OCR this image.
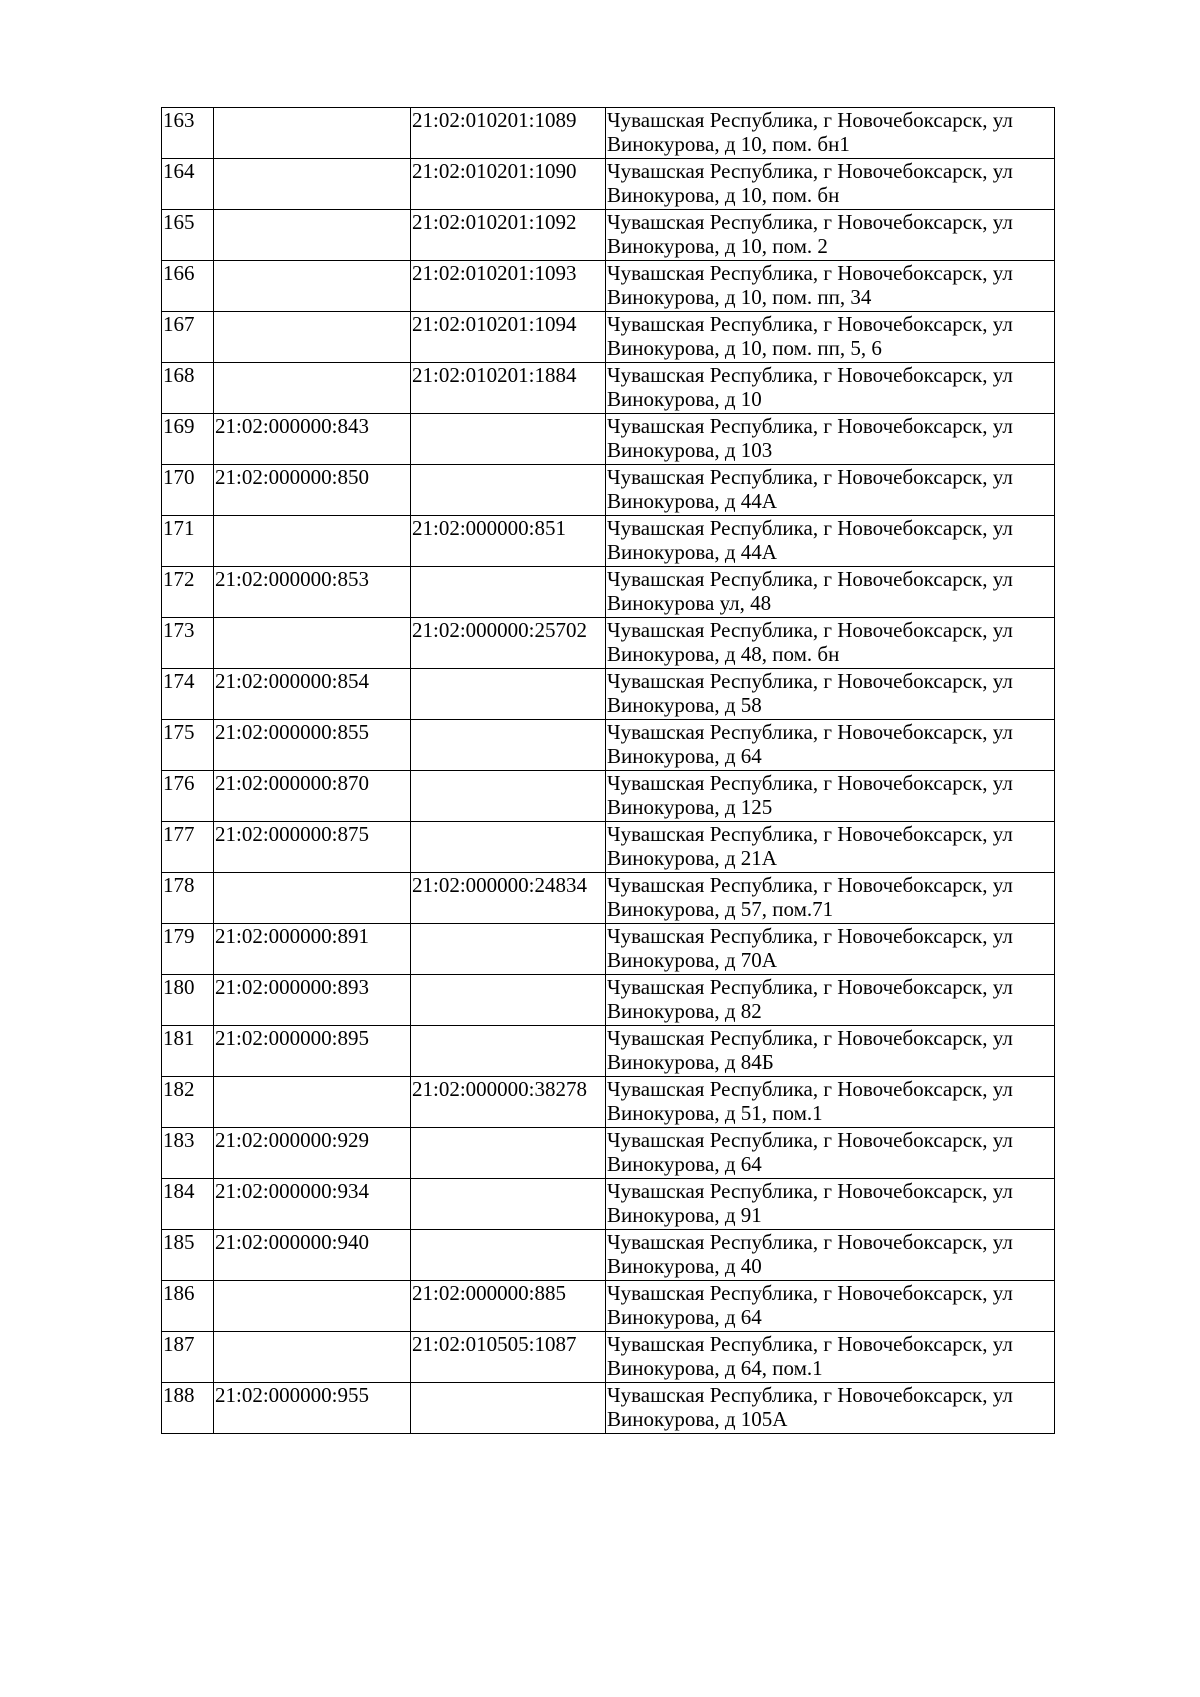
163		21:02:010201:1089	Чувашская Республика, г Новочебоксарск, ул
Винокурова, д 10, пом. бн1

164		21:02:010201:1090	Чувашская Республика, г Новочебоксарск, ул
Винокурова, д 10, пом. бн

165		21:02:010201:1092	Чувашская Республика, г Новочебоксарск, ул
Винокурова, д 10, пом. 2

166		21:02:010201:1093	Чувашская Республика, г Новочебоксарск, ул
Винокурова, д 10, пом. пп, 34

167		21:02:010201:1094	Чувашская Республика, г Новочебоксарск, ул
Винокурова, д 10, пом. пп, 5, 6

168		21:02:010201:1884	Чувашская Республика, г Новочебоксарск, ул
Винокурова, д 10

169	21:02:000000:843		Чувашская Республика, г Новочебоксарск, ул
Винокурова, д 103

170	21:02:000000:850		Чувашская Республика, г Новочебоксарск, ул
Винокурова, д 44А

171		21:02:000000:851	Чувашская Республика, г Новочебоксарск, ул
Винокурова, д 44А

172	21:02:000000:853		Чувашская Республика, г Новочебоксарск, ул
Винокурова ул, 48

173		21:02:000000:25702	Чувашская Республика, г Новочебоксарск, ул
Винокурова, д 48, пом. бн

174	21:02:000000:854		Чувашская Республика, г Новочебоксарск, ул
Винокурова, д 58

175	21:02:000000:855		Чувашская Республика, г Новочебоксарск, ул
Винокурова, д 64

176	21:02:000000:870		Чувашская Республика, г Новочебоксарск, ул
Винокурова, д 125

177	21:02:000000:875		Чувашская Республика, г Новочебоксарск, ул
Винокурова, д 21А

178		21:02:000000:24834	Чувашская Республика, г Новочебоксарск, ул
Винокурова, д 57, пом.71

179	21:02:000000:891		Чувашская Республика, г Новочебоксарск, ул
Винокурова, д 70А

180	21:02:000000:893		Чувашская Республика, г Новочебоксарск, ул
Винокурова, д 82

181	21:02:000000:895		Чувашская Республика, г Новочебоксарск, ул
Винокурова, д 84Б

182		21:02:000000:38278	Чувашская Республика, г Новочебоксарск, ул
Винокурова, д 51, пом.1

183	21:02:000000:929		Чувашская Республика, г Новочебоксарск, ул
Винокурова, д 64

184	21:02:000000:934		Чувашская Республика, г Новочебоксарск, ул
Винокурова, д 91

185	21:02:000000:940		Чувашская Республика, г Новочебоксарск, ул
Винокурова, д 40

186		21:02:000000:885	Чувашская Республика, г Новочебоксарск, ул
Винокурова, д 64

187		21:02:010505:1087	Чувашская Республика, г Новочебоксарск, ул
Винокурова, д 64, пом.1

188	21:02:000000:955		Чувашская Республика, г Новочебоксарск, ул
Винокурова, д 105А
